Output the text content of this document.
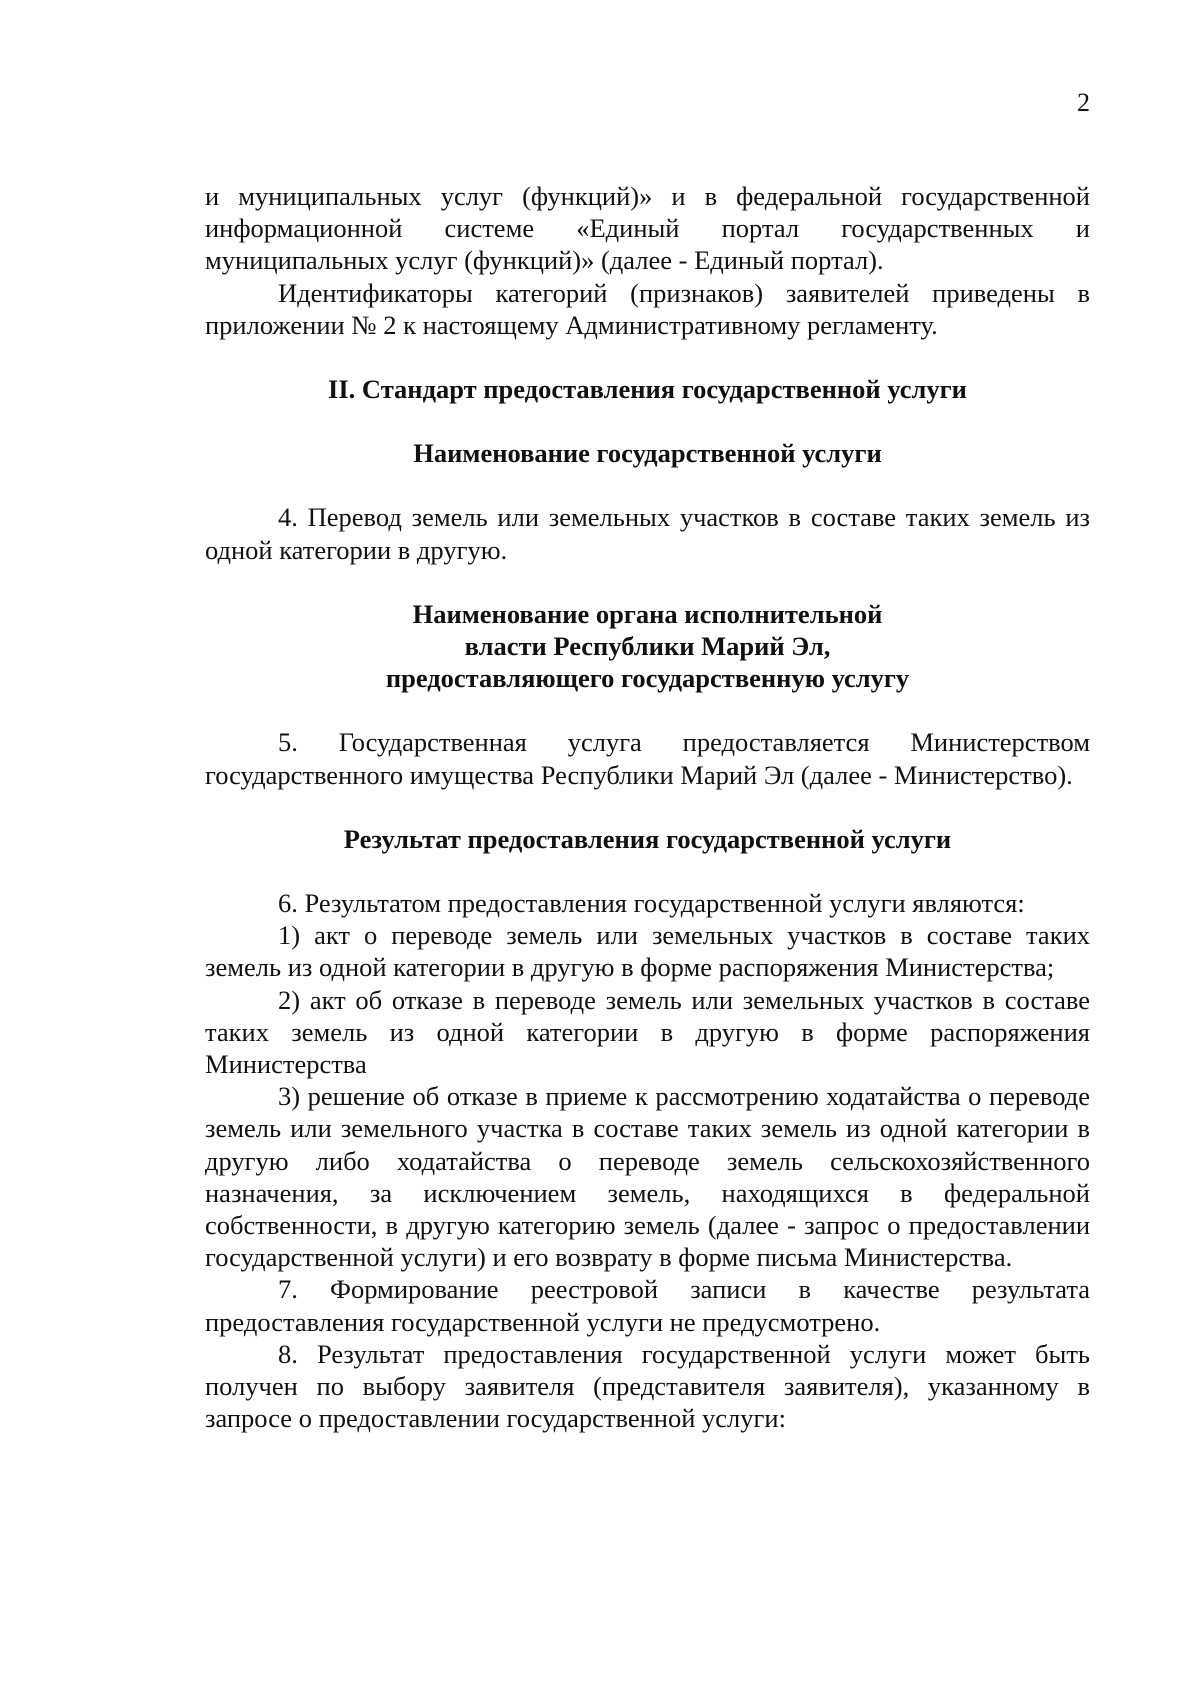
2

и муниципальных услуг (функций)» и в федеральной государственной информационной системе «Единый портал государственных и муниципальных услуг (функций)» (далее - Единый портал).

Идентификаторы категорий (признаков) заявителей приведены в приложении № 2 к настоящему Административному регламенту.

II. Стандарт предоставления государственной услуги

Наименование государственной услуги

4. Перевод земель или земельных участков в составе таких земель из одной категории в другую.

Наименование органа исполнительной
власти Республики Марий Эл,
предоставляющего государственную услугу

5. Государственная услуга предоставляется Министерством государственного имущества Республики Марий Эл (далее - Министерство).

Результат предоставления государственной услуги

6. Результатом предоставления государственной услуги являются:

1) акт о переводе земель или земельных участков в составе таких земель из одной категории в другую в форме распоряжения Министерства;

2) акт об отказе в переводе земель или земельных участков в составе таких земель из одной категории в другую в форме распоряжения Министерства

3) решение об отказе в приеме к рассмотрению ходатайства о переводе земель или земельного участка в составе таких земель из одной категории в другую либо ходатайства о переводе земель сельскохозяйственного назначения, за исключением земель, находящихся в федеральной собственности, в другую категорию земель (далее - запрос о предоставлении государственной услуги) и его возврату в форме письма Министерства.

7. Формирование реестровой записи в качестве результата предоставления государственной услуги не предусмотрено.

8. Результат предоставления государственной услуги может быть получен по выбору заявителя (представителя заявителя), указанному в запросе о предоставлении государственной услуги:
